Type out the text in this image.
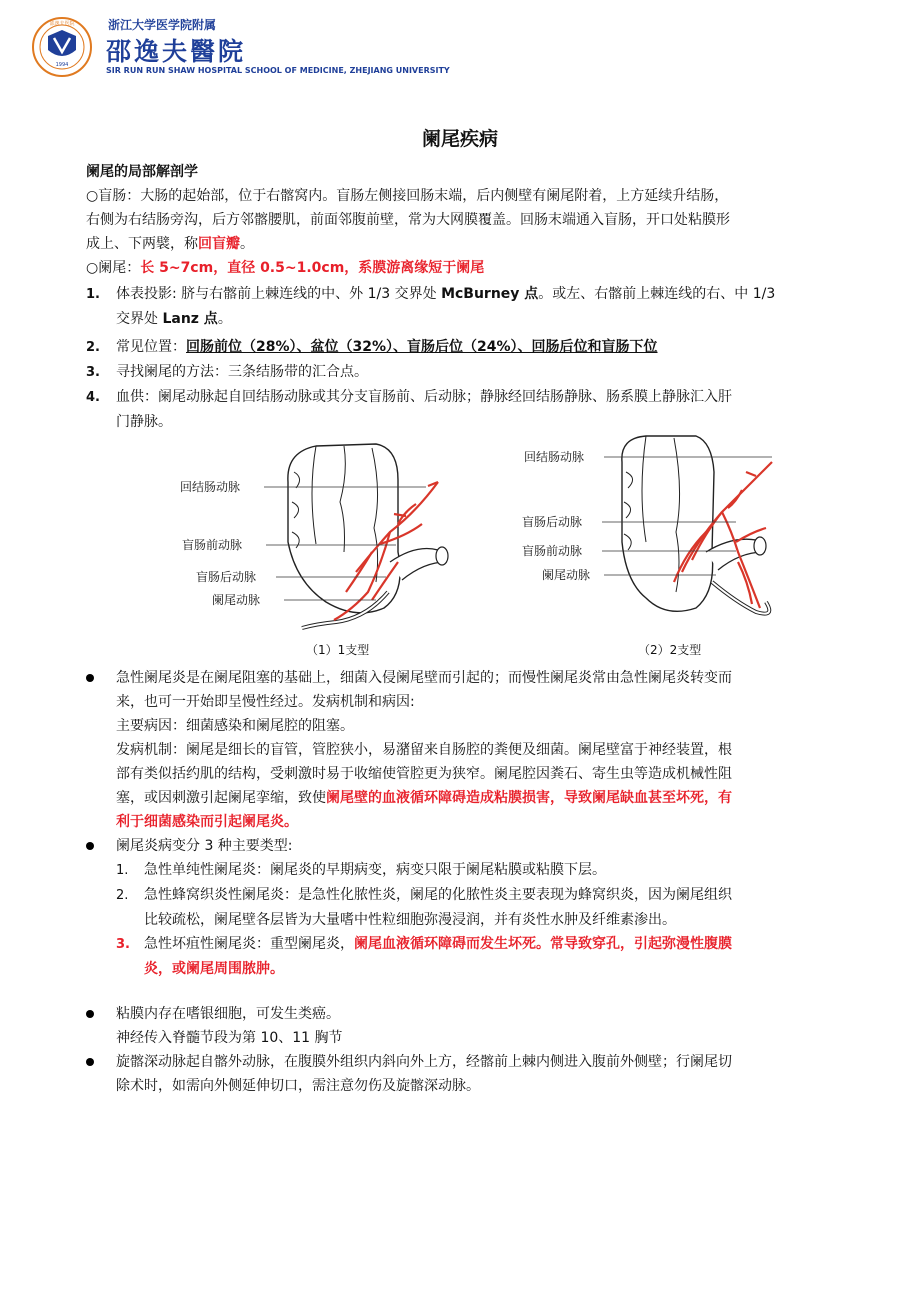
1994
邵逸夫医院	浙江大学医学院附属
邵逸夫醫院
SIR RUN RUN SHAW HOSPITAL SCHOOL OF MEDICINE, ZHEJIANG UNIVERSITY
阑尾疾病
阑尾的局部解剖学
○盲肠：大肠的起始部，位于右髂窝内。盲肠左侧接回肠末端，后内侧壁有阑尾附着，上方延续升结肠，
右侧为右结肠旁沟，后方邻髂腰肌，前面邻腹前壁，常为大网膜覆盖。回肠末端通入盲肠，开口处粘膜形
成上、下两襞，称回盲瓣。
○阑尾：长 5~7cm，直径 0.5~1.0cm，系膜游离缘短于阑尾
1. 体表投影: 脐与右髂前上棘连线的中、外 1/3 交界处 McBurney 点。或左、右髂前上棘连线的右、中 1/3
交界处 Lanz 点。
2. 常见位置：回肠前位（28%）、盆位（32%）、盲肠后位（24%）、回肠后位和盲肠下位
3. 寻找阑尾的方法：三条结肠带的汇合点。
4. 血供：阑尾动脉起自回结肠动脉或其分支盲肠前、后动脉；静脉经回结肠静脉、肠系膜上静脉汇入肝
门静脉。
回结肠动脉
盲肠前动脉
盲肠后动脉
阑尾动脉
（1）1支型
回结肠动脉
盲肠后动脉
盲肠前动脉
阑尾动脉
（2）2支型
急性阑尾炎是在阑尾阻塞的基础上，细菌入侵阑尾壁而引起的；而慢性阑尾炎常由急性阑尾炎转变而
来，也可一开始即呈慢性经过。发病机制和病因:
主要病因：细菌感染和阑尾腔的阻塞。
发病机制：阑尾是细长的盲管，管腔狭小，易潴留来自肠腔的粪便及细菌。阑尾壁富于神经装置，根
部有类似括约肌的结构，受刺激时易于收缩使管腔更为狭窄。阑尾腔因粪石、寄生虫等造成机械性阻
塞，或因刺激引起阑尾挛缩，致使阑尾壁的血液循环障碍造成粘膜损害，导致阑尾缺血甚至坏死，有
利于细菌感染而引起阑尾炎。
阑尾炎病变分 3 种主要类型:
1. 急性单纯性阑尾炎：阑尾炎的早期病变，病变只限于阑尾粘膜或粘膜下层。
2. 急性蜂窝织炎性阑尾炎：是急性化脓性炎，阑尾的化脓性炎主要表现为蜂窝织炎，因为阑尾组织
比较疏松，阑尾壁各层皆为大量嗜中性粒细胞弥漫浸润，并有炎性水肿及纤维素渗出。
3. 急性坏疽性阑尾炎：重型阑尾炎，阑尾血液循环障碍而发生坏死。常导致穿孔，引起弥漫性腹膜
炎，或阑尾周围脓肿。
粘膜内存在嗜银细胞，可发生类癌。
神经传入脊髓节段为第 10、11 胸节
旋髂深动脉起自髂外动脉，在腹膜外组织内斜向外上方，经髂前上棘内侧进入腹前外侧壁；行阑尾切
除术时，如需向外侧延伸切口，需注意勿伤及旋髂深动脉。
